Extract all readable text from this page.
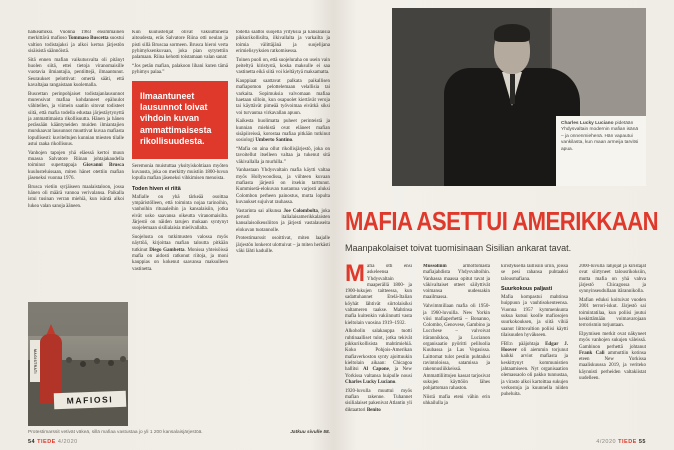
halkeamiksi. Vuonna 1983 ensimmäinen merkittävä mafioso Tommaso Buscetta suostui valtion todistajaksi ja alkoi kertoa järjestön sisäisistä säännöistä.

Sitä ennen mafian vaikutusvalta oli pitänyt huolen siitä, ettei tietoja viranomaisille vuotavia ilmiantajia, pentiittejä, ilmaantunut. Seuraukset pelottivat: omertà sääti, että kavaltajaa rangaistaan kuolemalla.

Buscettan perinpohjaiset todistajanlausunnot murensivat mafiaa kohdanneet epäluulot vähitellen, ja viimein saatiin sitovat todisteet siitä, että mafia todella edustaa järjestäytynyttä ja ammattimaista rikollisuutta. Hänen ja hänen perässään kääntyneiden muiden ilmiantajien murskaavat lausunnot muuttivat kuvaa mafiasta lopullisesti: kuviteltujen kunnian miesten tilalle astui raaka rikollisuus.

Vanhojen tapojen yhä eläessä kertoi muun muassa Salvatore Riinan johtajakaudella toiminut supertappaja Giovanni Brusca kuulusteluissaan, miten hänet otettiin mafian jäseneksi vuonna 1976.

Brusca vietiin syrjäiseen maalaistaloon, jossa hänen oli määrä vannoa verivalansa. Paikalla istui tusinan verran miehiä, kun isäntä alkoi lukea valan sanoja ääneen.

Kun kuulustelijat olivat vakuuttuneita aitoudesta, eräs Salvatore Riina otti neulan ja pisti sillä Bruscaa sormeen. Brusca hieroi verta pyhimyksenkuvaan, joka pian sytytettiin palamaan. Riina kehotti toistamaan valan sanat:

“Jos petän mafian, palakoon lihani kuten tämä pyhimys palaa.”

Ilmaantuneet lausunnot loivat vihdoin kuvan ammattimaisesta rikollisuudesta.

Seremonia muistuttaa yksityiskohtiaan myöten kuvausta, joka on merkitty muistiin 1800-luvun lopulla mafian jäseneksi vihkimisen menoista.

Toden hiven ei riitä

Mafialle on yhä tärkeää osoittaa ympäristölleen, että toiminta nojaa tarinoihin, vanhoihin rituaaleihin ja kansalaisiin, jotka eivät usko saavansa oikeutta viranomaisilta. Järjestö on näiden tarujen mukaan syntynyt suojelemaan sisilialaisia mielivallalta.

Suojelusta on tutkimusten valossa myös näyttöä, kirjoittaa mafian taloutta pitkään tutkinut Diego Gambetta. Monissa yhteisöissä mafia on aidosti ratkonut riitoja, ja moni kauppias on kokenut saavansa maksulleen vastinetta.

todella saattoi suojella yrityksiä ja kansalaisia pikkurikollisilta, ilkivallalta ja varkailta ja toimia välittäjänä ja suojelijana erimielisyyksien ratkomisessa.

Toinen puoli on, että suojeluraha on usein vain peiteltyä kiristystä, koska maksulle ei saa vastinetta eikä siitä voi kieltäytyä maksamatta.

Kauppiaat saattavat palkata paikallisen mafiapomon pelottelemaan velallisia tai varkaita. Sopimuksia valvomaan mafiaa haetaan silloin, kun osapuolet kiertävät veroja tai käyttävät pimeää työvoimaa eivätkä siksi voi turvautua virkavallan apuun.

Kaikesta huolimatta puheet perinteistä ja kunnian miehistä ovat eläneet mafian sisäpiireissä, korostaa mafiaa pitkään tutkinut sosiologi Umberto Santino.

“Mafia on aina ollut rikollisjärjestö, joka on tavoitellut itselleen valtaa ja tukenut sitä väkivallalla ja murhilla.”

Vanhastaan Yhdysvaltain mafia käytti valtaa myös Hollywoodissa, ja viihteen kuvaan mafiasta järjestö on itsekin tarttunut. Kummisetä-elokuvan tuotantoa varjosti aluksi Colombon perheen painostus, mutta lopulta kuvaukset sujuivat rauhassa.

Vastarinta sai alkunsa Joe Colombolta, joka perusti italialaisamerikkalaisten kansalaisoikeusliiton ja järjesti vastalauseita elokuvan tuotannolle.

Protestimarssit osoittivat, miten laajalle järjestön lonkerot ulottuivat – ja miten herkästi väki lähti kaduille.

MAGISTRATI
MAFIOSI
Protestimarssit vetivät väkeä, sillä mafiaa vastustaa jo yli 1 200 kansalaisjärjestöä.	Jatkuu sivulle 58.

Charles Lucky Luciano pidetään Yhdysvaltain modernin mafian isänä – ja onnenmiehenä. Hän vapautui vankilasta, kun maan armeija tarvitsi apua.

MAFIA ASETTUI AMERIKKAAN
Maanpakolaiset toivat tuomisinaan Sisilian ankarat tavat.

Mafia otti ensi askeleensa Yhdysvaltain maaperällä 1800- ja 1900-lukujen taitteessa, kun sadattuhannet Etelä-Italian köyhät lähtivät siirtolaisiksi valtameren taakse. Mahtinsa mafia kuitenkin vakiinnutti vasta kieltolain vuosina 1919–1932.

Alkoholin salakauppa tuotti ruhtinaalliset tulot, jotka tekivät pikkurikollisista mahtimiehiä. Koko Pohjois-Amerikan mafiaverkoston synty ajoittuukin kieltolain aikaan: Chicagoa hallitsi Al Capone, ja New Yorkissa valtansa huipulle nousi Charles Lucky Luciano.

1920-luvulla muuttui myös mafian rakenne. Tuhannet sisilialaiset pakenivat Atlantin yli diktaattori Benito

Mussolinin armottomasta mafiajahdista Yhdysvaltoihin. Vanhassa maassa opitut tavat ja väkivaltaiset otteet säilyttivät voimansa uudessakin maailmassa.

Vahvimmillaan mafia oli 1950- ja 1960-luvuilla. New Yorkin viisi mafiaperhettä – Bonanno, Colombo, Genovese, Gambino ja Lucchese – valvoivat itärannikkoa, ja Lucianon organisaatio pyöritti peliluolia Kuubassa ja Las Vegasissa. Laittomat tulot pestiin puhtaiksi ravintoloissa, satamissa ja rakennusliikkeissä. Ammattiliittojen kassat tarjosivat sukujen käyttöön lähes pohjattoman rahaston.

Niistä mafia eteni vähin erin uhkailulla ja

kiristyksellä laillisiin uriin, joissa se pesi rahansa puhtaaksi talousmafiana.

Suurkokous paljasti

Mafia kompastui mahtinsa huippuun ja vauhtisokeuteensa. Vuonna 1957 kymmenkunta sukua kutsui koolle mafiosojen suurkokouksen, ja siitä vihiä saanut liittovaltion poliisi käytti tilaisuuden hyväkseen.

FBI:n pääjohtaja Edgar J. Hoover oli aiemmin torjunut kaikki arviot mafiasta ja keskittynyt kommunistien jahtaamiseen. Nyt organisaation olemassaolo oli pakko tunnustaa, ja virasto alkoi kartoittaa sukujen verkostoja ja kuunnella niiden puheluita.

2000-luvulla lahjojat ja kiristäjät ovat siirtyneet talousrikoksiin, mutta mafia on yhä vahva järjestö Chicagossa ja synnyinseudullaan itärannikolla.

Mafian eduksi koituivat vuoden 2001 terrori-iskut. Järjestö sai toimintatilaa, kun poliisi joutui keskittämään voimavarojaan terrorismin torjuntaan.

Elpymisen merkit ovat näkyneet myös vanhojen sukujen väleissä. Gambinon perhettä johtanut Frank Cali ammuttiin kotinsa eteen New Yorkissa maaliskuussa 2019, ja veriteko käynnisti perheiden valtakiistat uudelleen.

54 TIEDE 4/2020	4/2020 TIEDE 55
